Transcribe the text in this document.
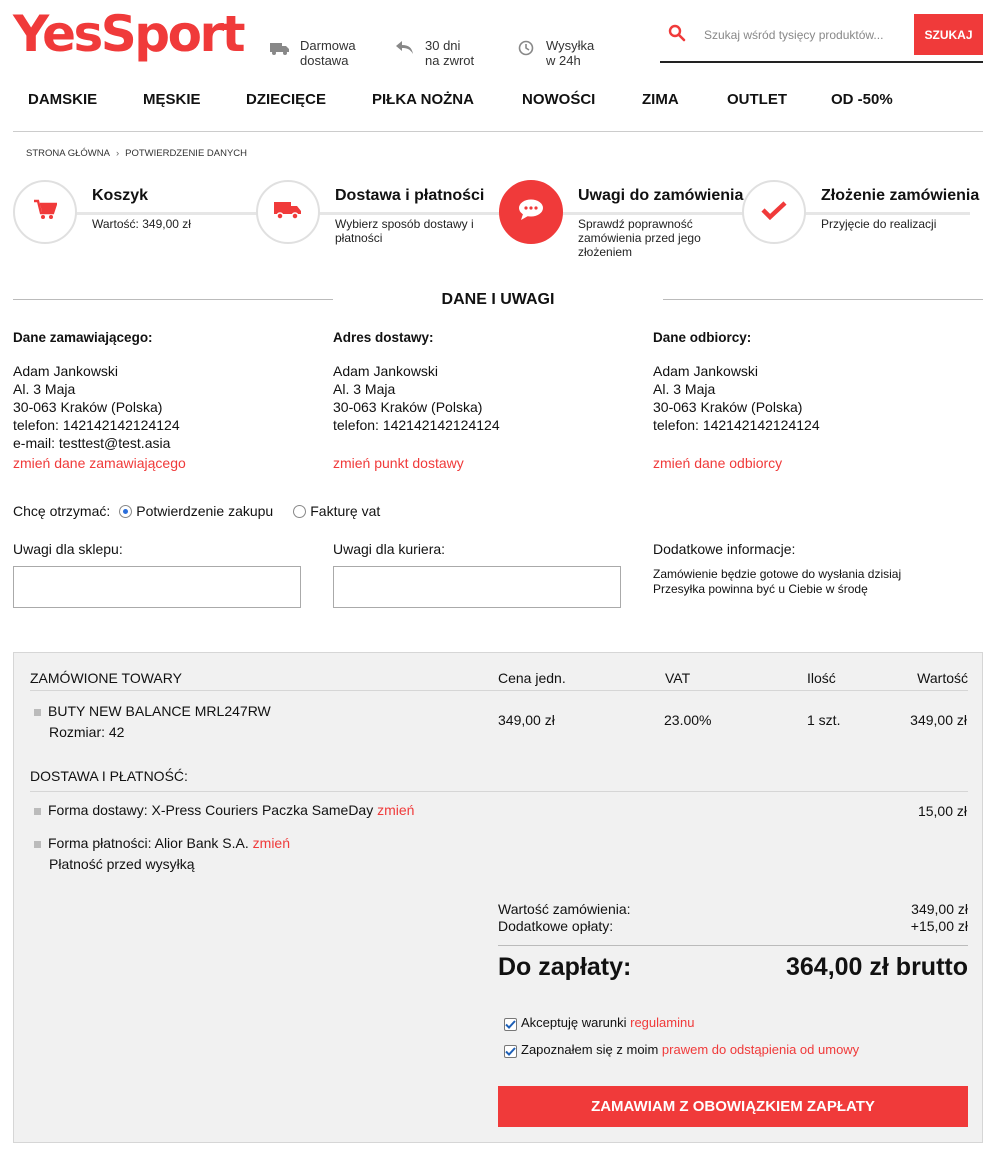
YesSport	Darmowa
dostawa
30 dni
na zwrot
Wysyłka
w 24h
Szukaj wśród tysięcy produktów...
SZUKAJ
DAMSKIE	MĘSKIE	DZIECIĘCE	PIŁKA NOŻNA	NOWOŚCI	ZIMA	OUTLET	OD -50%
STRONA GŁÓWNA › POTWIERDZENIE DANYCH
Koszyk
Wartość: 349,00 zł
Dostawa i płatności
Wybierz sposób dostawy i płatności
Uwagi do zamówienia
Sprawdź poprawność zamówienia przed jego złożeniem
Złożenie zamówienia
Przyjęcie do realizacji
DANE I UWAGI
Dane zamawiającego:
Adam Jankowski
Al. 3 Maja
30-063 Kraków (Polska)
telefon: 142142142124124
e-mail: testtest@test.asia
zmień dane zamawiającego
Adres dostawy:
Adam Jankowski
Al. 3 Maja
30-063 Kraków (Polska)
telefon: 142142142124124
zmień punkt dostawy
Dane odbiorcy:
Adam Jankowski
Al. 3 Maja
30-063 Kraków (Polska)
telefon: 142142142124124
zmień dane odbiorcy
Chcę otrzymać: Potwierdzenie zakupu	Fakturę vat
Uwagi dla sklepu:	Uwagi dla kuriera:	Dodatkowe informacje:
Zamówienie będzie gotowe do wysłania dzisiaj
Przesyłka powinna być u Ciebie w środę
ZAMÓWIONE TOWARY	Cena jedn.	VAT	Ilość	Wartość
BUTY NEW BALANCE MRL247RW
Rozmiar: 42
349,00 zł	23.00%	1 szt.	349,00 zł
DOSTAWA I PŁATNOŚĆ:
Forma dostawy: X-Press Couriers Paczka SameDay zmień	15,00 zł
Forma płatności: Alior Bank S.A. zmień
Płatność przed wysyłką
Wartość zamówienia:	349,00 zł
Dodatkowe opłaty:	+15,00 zł
Do zapłaty:	364,00 zł brutto
Akceptuję warunki regulaminu
Zapoznałem się z moim prawem do odstąpienia od umowy
ZAMAWIAM Z OBOWIĄZKIEM ZAPŁATY
